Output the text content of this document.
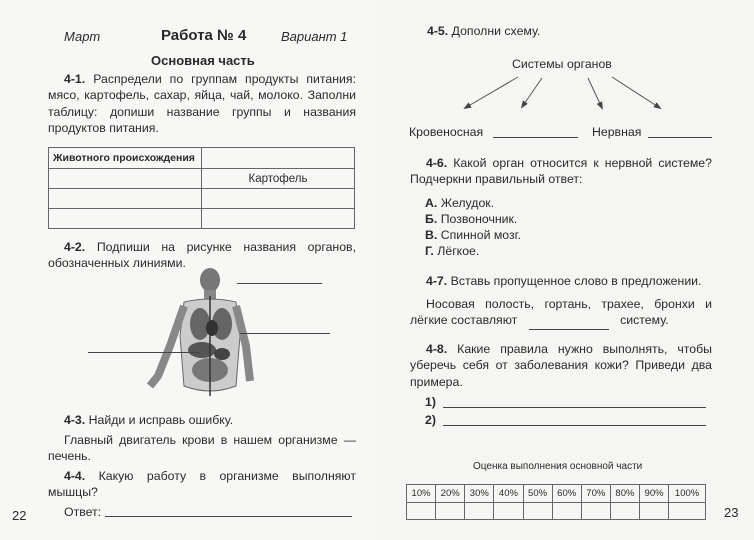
Март	Работа № 4	Вариант 1
Основная часть
4-1. Распредели по группам продукты питания: мясо, картофель, сахар, яйца, чай, молоко. Заполни таблицу: допиши название группы и названия продуктов питания.
Животного происхождения	
	Картофель

4-2. Подпиши на рисунке названия органов, обозначенных линиями.
4-3. Найди и исправь ошибку.
Главный двигатель крови в нашем организме — печень.
4-4. Какую работу в организме выполняют мышцы?
Ответ:
22
4-5. Дополни схему.
Системы органов
Кровеносная	Нервная
4-6. Какой орган относится к нервной системе? Подчеркни правильный ответ:
А. Желудок.
Б. Позвоночник.
В. Спинной мозг.
Г. Лёгкое.
4-7. Вставь пропущенное слово в предложении.
Носовая полость, гортань, трахее, бронхи и лёгкие составляют	систему.
4-8. Какие правила нужно выполнять, чтобы уберечь себя от заболевания кожи? Приведи два примера.
1)
2)
Оценка выполнения основной части
10%	20%	30%	40%	50%	60%	70%	80%	90%	100%

23
